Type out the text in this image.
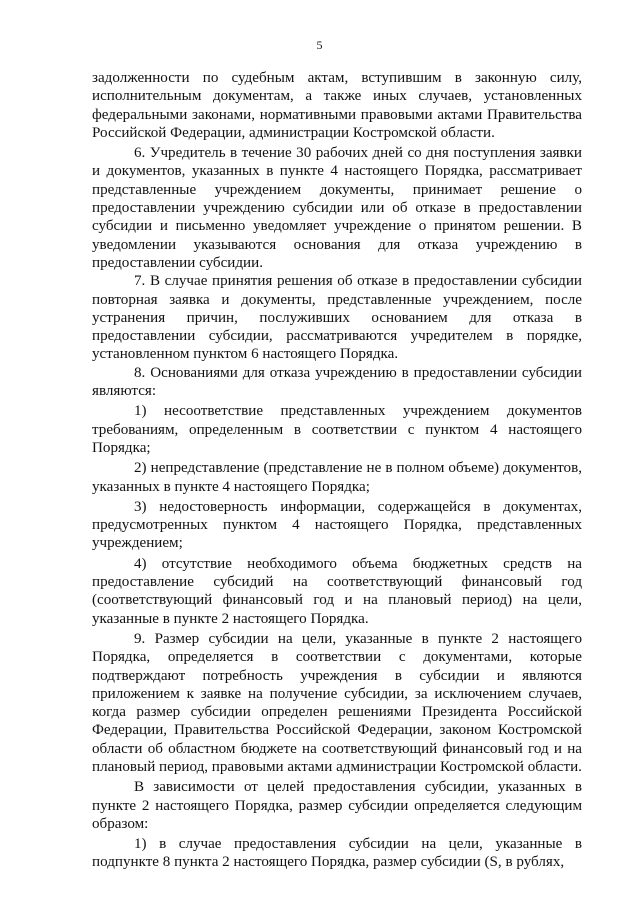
5

задолженности по судебным актам, вступившим в законную силу, исполнительным документам, а также иных случаев, установленных федеральными законами, нормативными правовыми актами Правительства Российской Федерации, администрации Костромской области.

6. Учредитель в течение 30 рабочих дней со дня поступления заявки и документов, указанных в пункте 4 настоящего Порядка, рассматривает представленные учреждением документы, принимает решение о предоставлении учреждению субсидии или об отказе в предоставлении субсидии и письменно уведомляет учреждение о принятом решении. В уведомлении указываются основания для отказа учреждению в предоставлении субсидии.

7. В случае принятия решения об отказе в предоставлении субсидии повторная заявка и документы, представленные учреждением, после устранения причин, послуживших основанием для отказа в предоставлении субсидии, рассматриваются учредителем в порядке, установленном пунктом 6 настоящего Порядка.

8. Основаниями для отказа учреждению в предоставлении субсидии являются:

1) несоответствие представленных учреждением документов требованиям, определенным в соответствии с пунктом 4 настоящего Порядка;

2) непредставление (представление не в полном объеме) документов, указанных в пункте 4 настоящего Порядка;

3) недостоверность информации, содержащейся в документах, предусмотренных пунктом 4 настоящего Порядка, представленных учреждением;

4) отсутствие необходимого объема бюджетных средств на предоставление субсидий на соответствующий финансовый год (соответствующий финансовый год и на плановый период) на цели, указанные в пункте 2 настоящего Порядка.

9. Размер субсидии на цели, указанные в пункте 2 настоящего Порядка, определяется в соответствии с документами, которые подтверждают потребность учреждения в субсидии и являются приложением к заявке на получение субсидии, за исключением случаев, когда размер субсидии определен решениями Президента Российской Федерации, Правительства Российской Федерации, законом Костромской области об областном бюджете на соответствующий финансовый год и на плановый период, правовыми актами администрации Костромской области.

В зависимости от целей предоставления субсидии, указанных в пункте 2 настоящего Порядка, размер субсидии определяется следующим образом:

1) в случае предоставления субсидии на цели, указанные в подпункте 8 пункта 2 настоящего Порядка, размер субсидии (S, в рублях,
